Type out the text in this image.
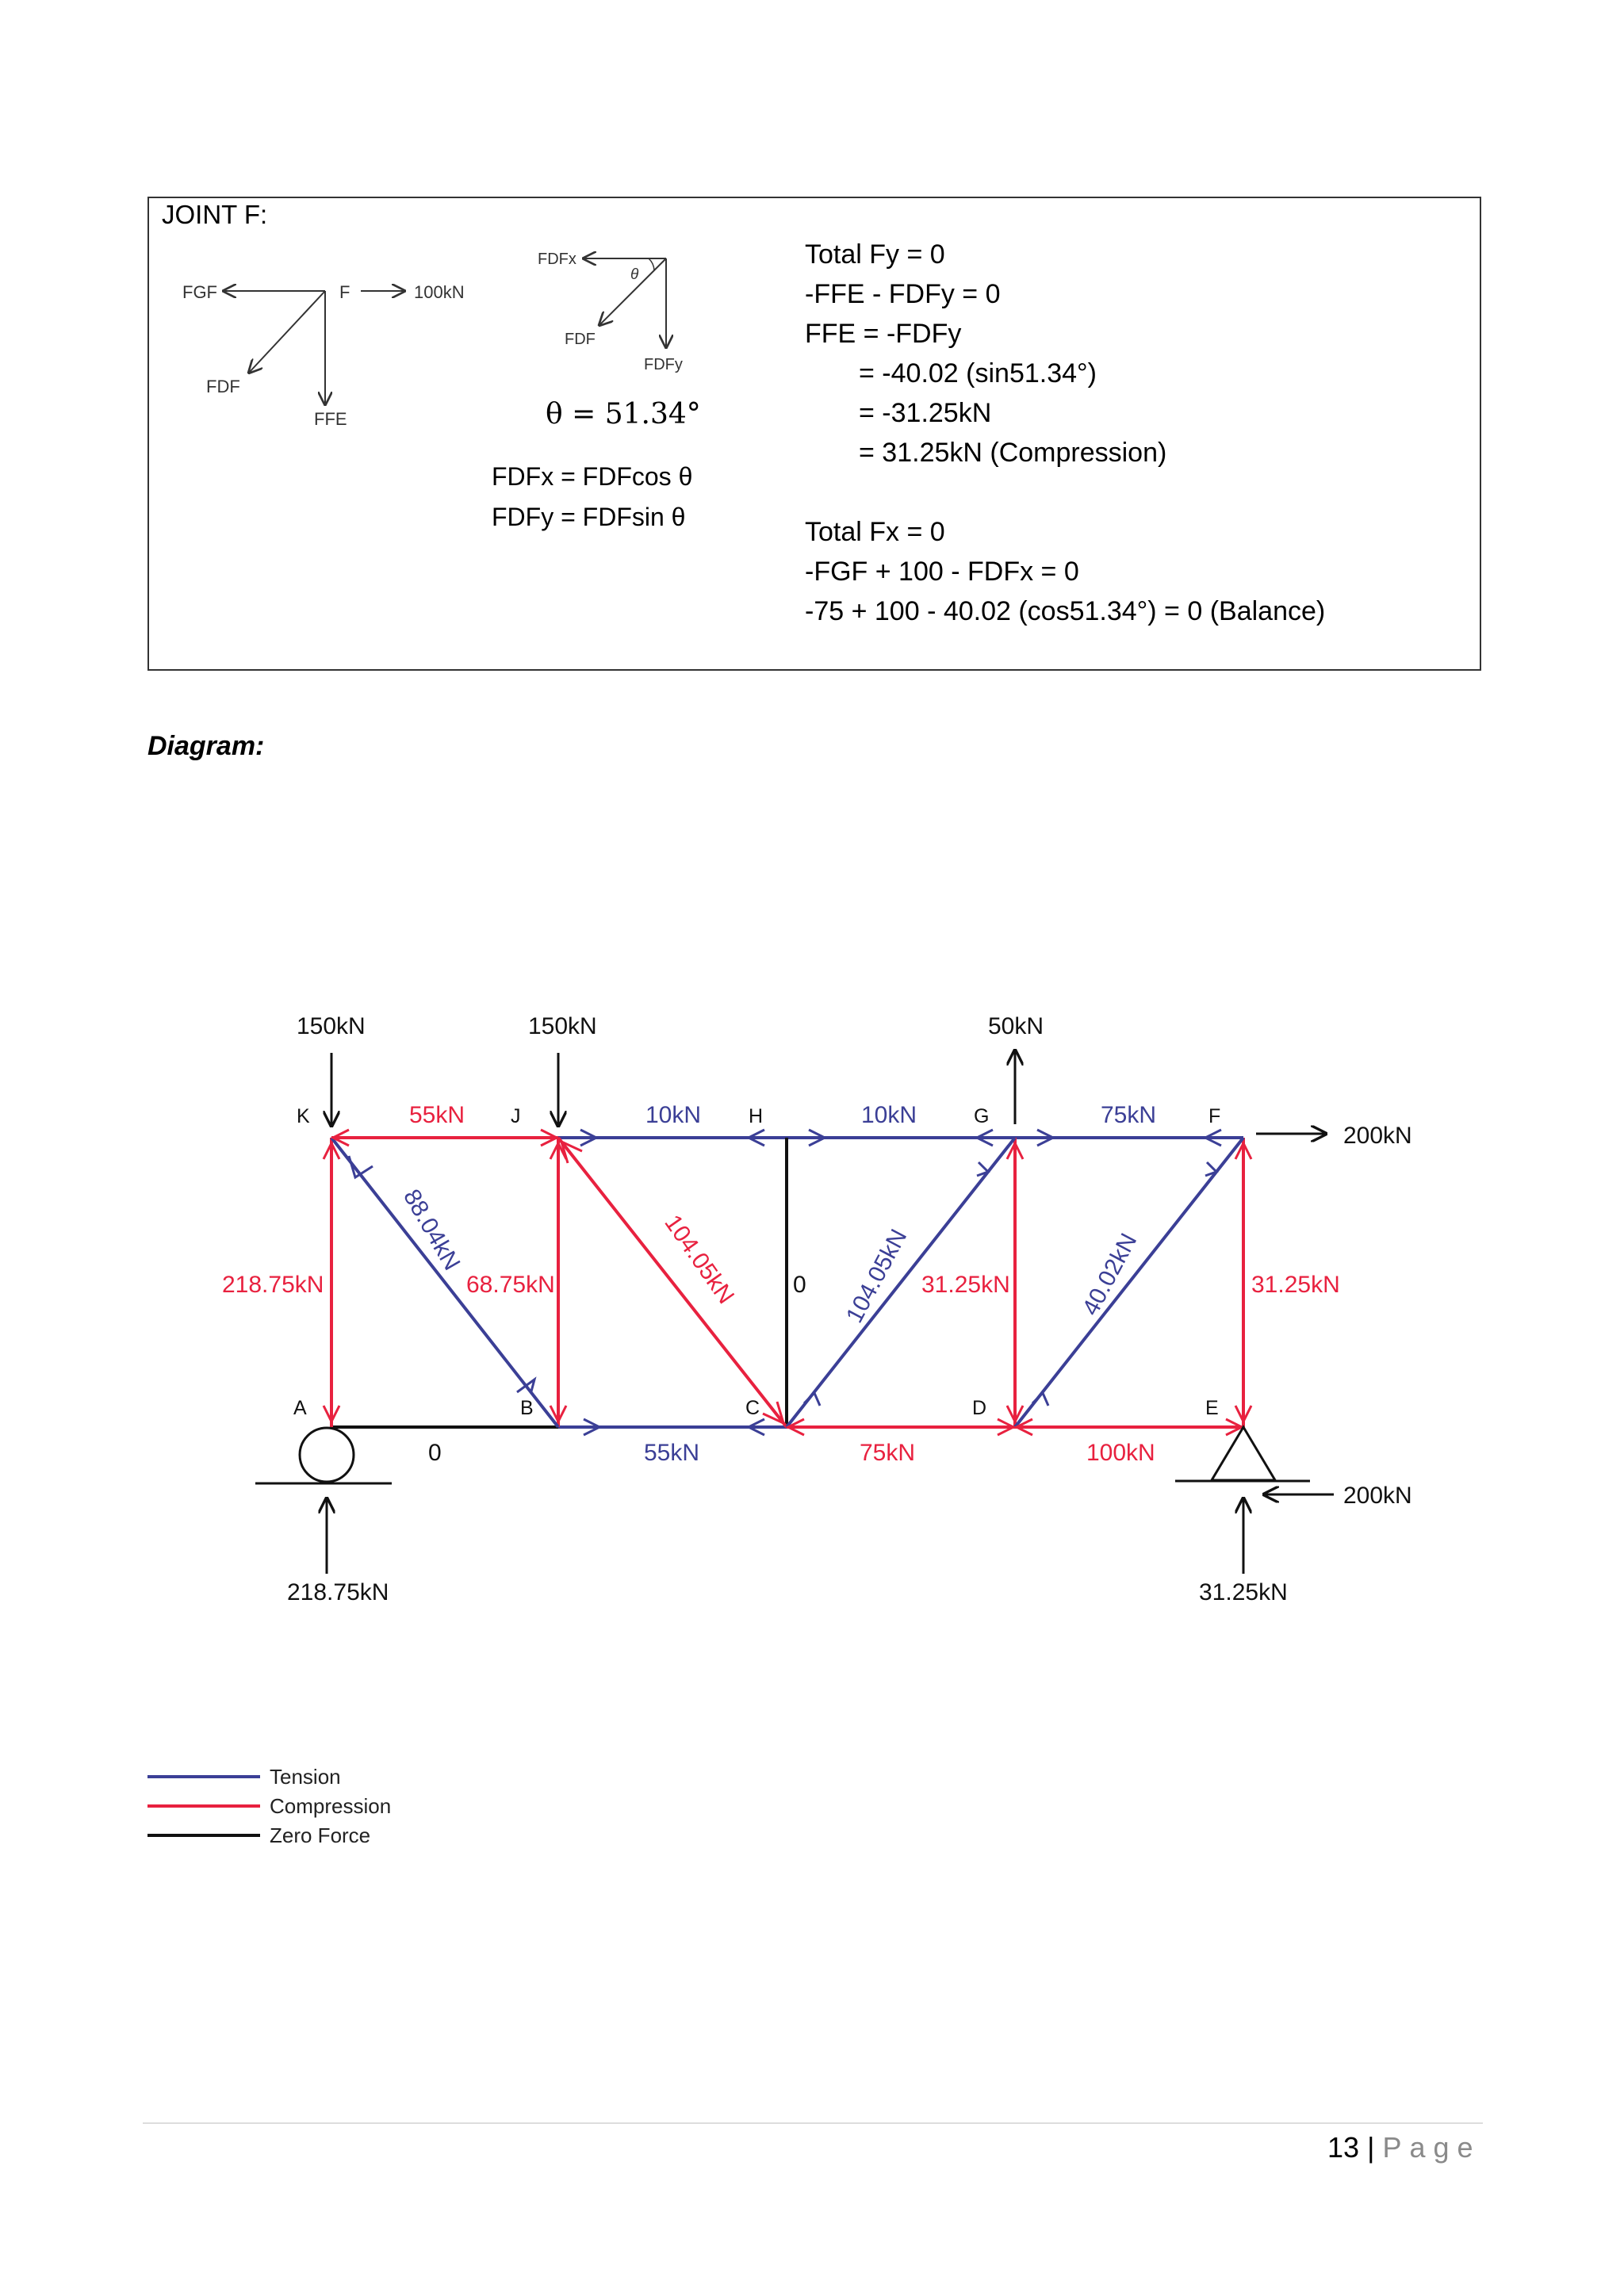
JOINT F:
FGF	F	100kN
FDF
FFE
FDFx
θ
FDF
FDFy
θ = 51.34°
FDFx = FDFcos θ
FDFy = FDFsin θ
Total Fy = 0
-FFE - FDFy = 0
FFE = -FDFy
= -40.02 (sin51.34°)
= -31.25kN
= 31.25kN (Compression)
Total Fx = 0
-FGF + 100 - FDFx = 0
-75 + 100 - 40.02 (cos51.34°) = 0 (Balance)
Diagram:
150kN	150kN	50kN
200kN
200kN
218.75kN	31.25kN
K	J	H	G	F
A	B	C	D	E
55kN	10kN	10kN	75kN
218.75kN	68.75kN	0	31.25kN	31.25kN
88.04kN	104.05kN	104.05kN	40.02kN
0	55kN	75kN	100kN
Tension
Compression
Zero Force
13 | Page
